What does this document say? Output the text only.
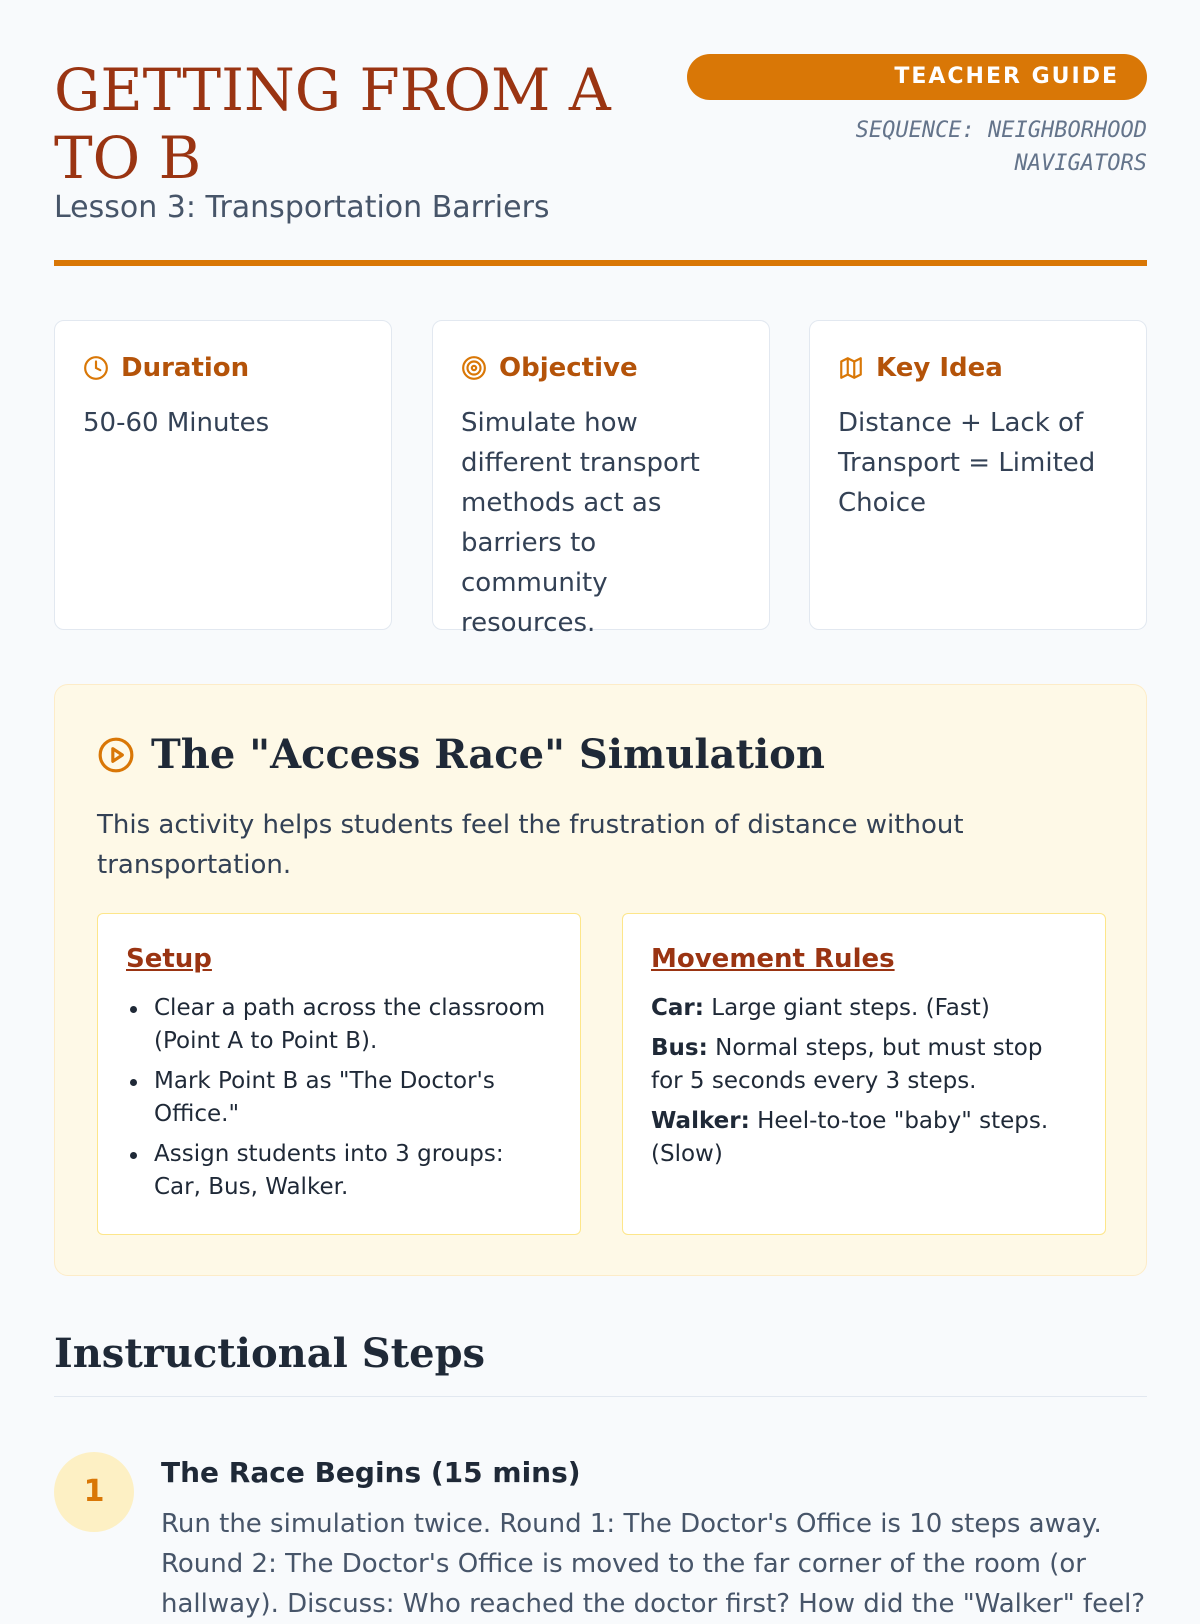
GETTING FROM A TO B
Lesson 3: Transportation Barriers
TEACHER GUIDE
SEQUENCE: NEIGHBORHOOD NAVIGATORS
Duration
50-60 Minutes
Objective
Simulate how different transport methods act as barriers to community resources.
Key Idea
Distance + Lack of Transport = Limited Choice
The "Access Race" Simulation

This activity helps students feel the frustration of distance without transportation.

Setup
Clear a path across the classroom (Point A to Point B).
Mark Point B as "The Doctor's Office."
Assign students into 3 groups: Car, Bus, Walker.
Movement Rules
Car: Large giant steps. (Fast)
Bus: Normal steps, but must stop for 5 seconds every 3 steps.
Walker: Heel-to-toe "baby" steps. (Slow)
Instructional Steps
1
The Race Begins (15 mins)

Run the simulation twice. Round 1: The Doctor's Office is 10 steps away. Round 2: The Doctor's Office is moved to the far corner of the room (or hallway). Discuss: Who reached the doctor first? How did the "Walker" feel?
